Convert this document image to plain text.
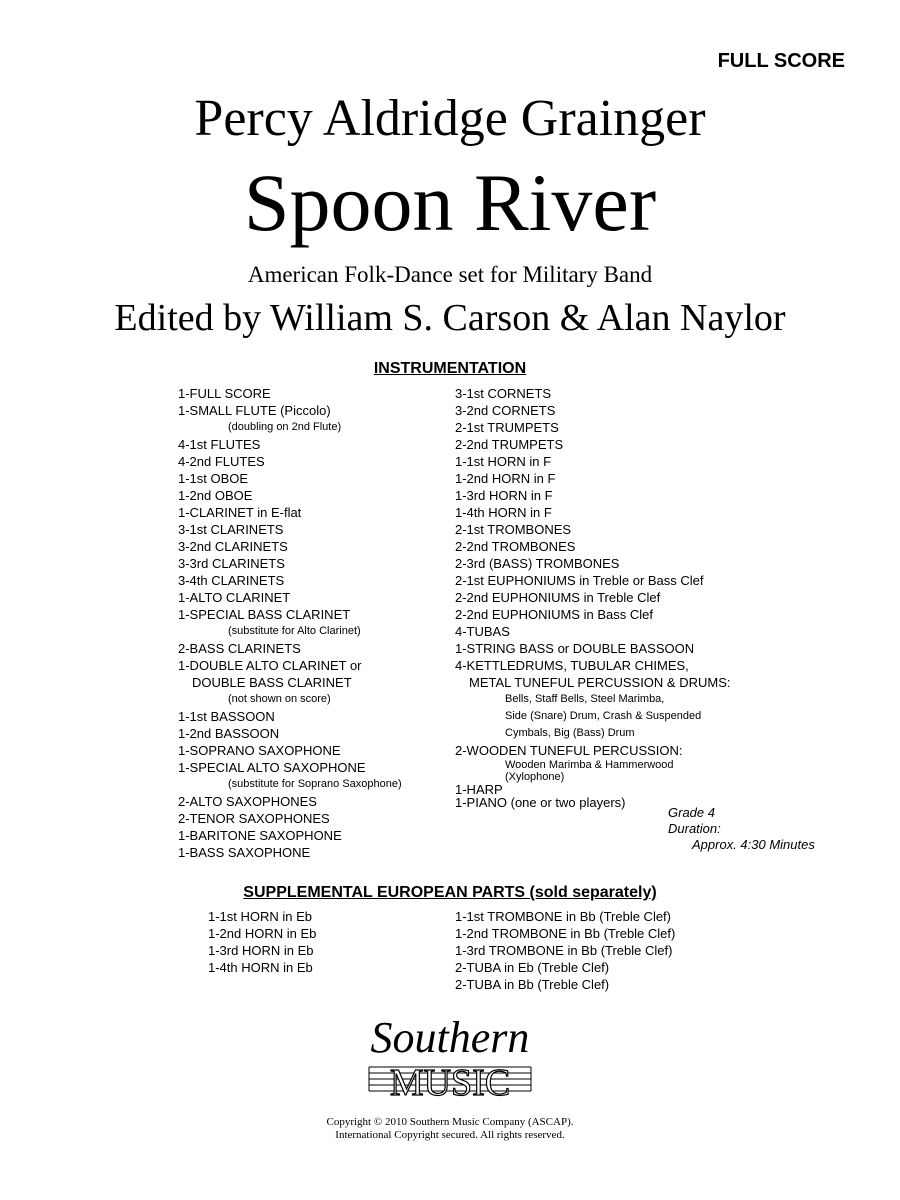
FULL SCORE
Percy Aldridge Grainger
Spoon River
American Folk-Dance set for Military Band
Edited by William S. Carson & Alan Naylor
INSTRUMENTATION
1-FULL SCORE
1-SMALL FLUTE (Piccolo)
(doubling on 2nd Flute)
4-1st FLUTES
4-2nd FLUTES
1-1st OBOE
1-2nd OBOE
1-CLARINET in E-flat
3-1st CLARINETS
3-2nd CLARINETS
3-3rd CLARINETS
3-4th CLARINETS
1-ALTO CLARINET
1-SPECIAL BASS CLARINET
(substitute for Alto Clarinet)
2-BASS CLARINETS
1-DOUBLE ALTO CLARINET or
DOUBLE BASS CLARINET
(not shown on score)
1-1st BASSOON
1-2nd BASSOON
1-SOPRANO SAXOPHONE
1-SPECIAL ALTO SAXOPHONE
(substitute for Soprano Saxophone)
2-ALTO SAXOPHONES
2-TENOR SAXOPHONES
1-BARITONE SAXOPHONE
1-BASS SAXOPHONE
3-1st CORNETS
3-2nd CORNETS
2-1st TRUMPETS
2-2nd TRUMPETS
1-1st HORN in F
1-2nd HORN in F
1-3rd HORN in F
1-4th HORN in F
2-1st TROMBONES
2-2nd TROMBONES
2-3rd (BASS) TROMBONES
2-1st EUPHONIUMS in Treble or Bass Clef
2-2nd EUPHONIUMS in Treble Clef
2-2nd EUPHONIUMS in Bass Clef
4-TUBAS
1-STRING BASS or DOUBLE BASSOON
4-KETTLEDRUMS, TUBULAR CHIMES,
METAL TUNEFUL PERCUSSION & DRUMS:
Bells, Staff Bells, Steel Marimba,
Side (Snare) Drum, Crash & Suspended
Cymbals, Big (Bass) Drum
2-WOODEN TUNEFUL PERCUSSION:
Wooden Marimba & Hammerwood
(Xylophone)
1-HARP
1-PIANO (one or two players)
Grade 4
Duration:
Approx. 4:30 Minutes
SUPPLEMENTAL EUROPEAN PARTS (sold separately)
1-1st HORN in Eb
1-2nd HORN in Eb
1-3rd HORN in Eb
1-4th HORN in Eb
1-1st TROMBONE in Bb (Treble Clef)
1-2nd TROMBONE in Bb (Treble Clef)
1-3rd TROMBONE in Bb (Treble Clef)
2-TUBA in Eb (Treble Clef)
2-TUBA in Bb (Treble Clef)
Southern
MUSIC
Copyright © 2010 Southern Music Company (ASCAP).
International Copyright secured. All rights reserved.
